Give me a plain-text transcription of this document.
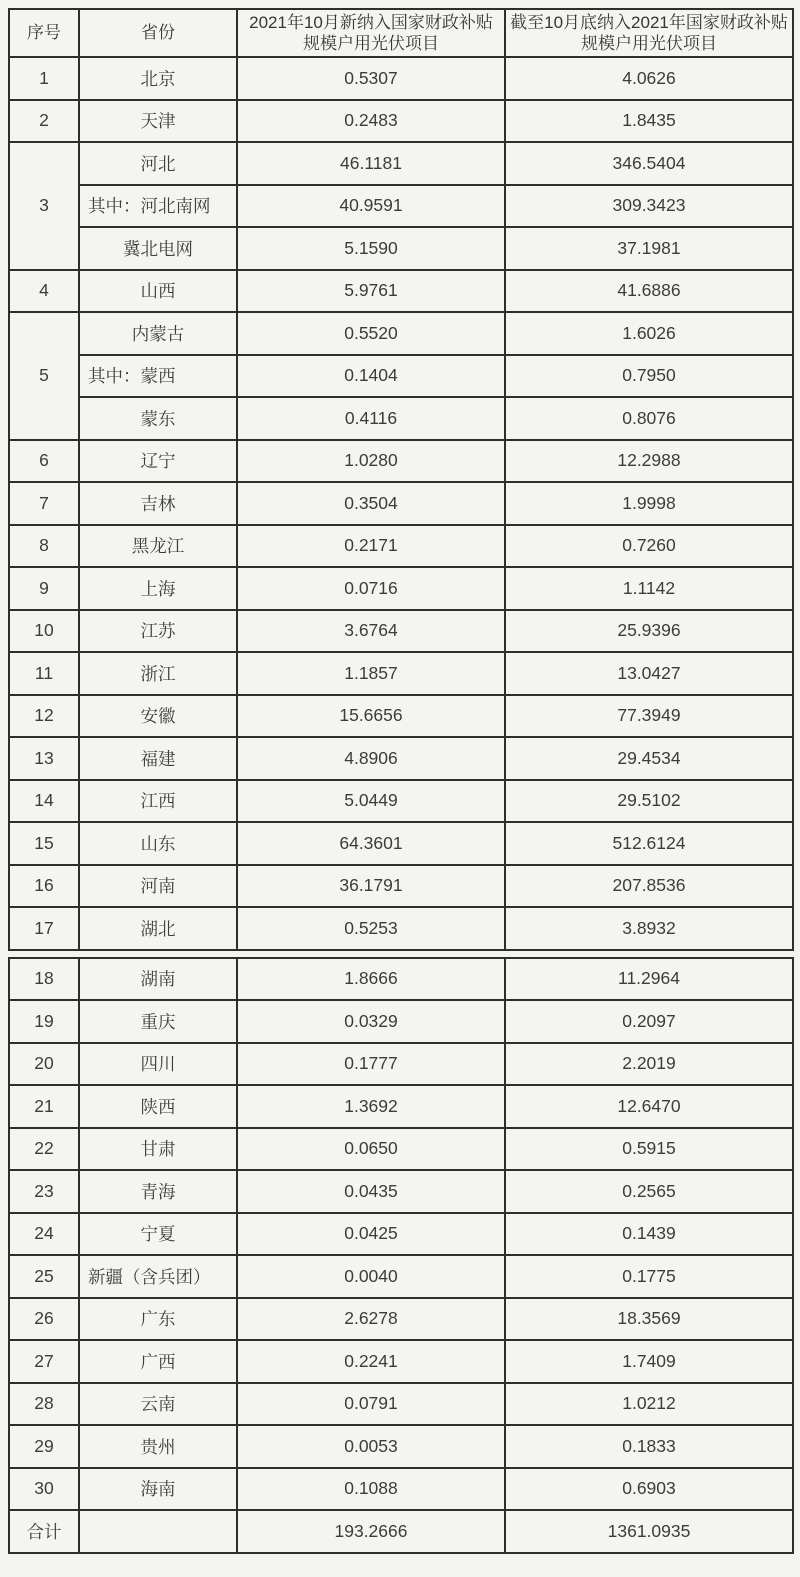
序号	省份	2021年10月新纳入国家财政补贴规模户用光伏项目	截至10月底纳入2021年国家财政补贴规模户用光伏项目
1	北京	0.5307	4.0626
2	天津	0.2483	1.8435
3	河北	46.1181	346.5404
	其中：河北南网	40.9591	309.3423
	冀北电网	5.1590	37.1981
4	山西	5.9761	41.6886
5	内蒙古	0.5520	1.6026
	其中：蒙西	0.1404	0.7950
	蒙东	0.4116	0.8076
6	辽宁	1.0280	12.2988
7	吉林	0.3504	1.9998
8	黑龙江	0.2171	0.7260
9	上海	0.0716	1.1142
10	江苏	3.6764	25.9396
11	浙江	1.1857	13.0427
12	安徽	15.6656	77.3949
13	福建	4.8906	29.4534
14	江西	5.0449	29.5102
15	山东	64.3601	512.6124
16	河南	36.1791	207.8536
17	湖北	0.5253	3.8932
18	湖南	1.8666	11.2964
19	重庆	0.0329	0.2097
20	四川	0.1777	2.2019
21	陕西	1.3692	12.6470
22	甘肃	0.0650	0.5915
23	青海	0.0435	0.2565
24	宁夏	0.0425	0.1439
25	新疆（含兵团）	0.0040	0.1775
26	广东	2.6278	18.3569
27	广西	0.2241	1.7409
28	云南	0.0791	1.0212
29	贵州	0.0053	0.1833
30	海南	0.1088	0.6903
合计		193.2666	1361.0935
